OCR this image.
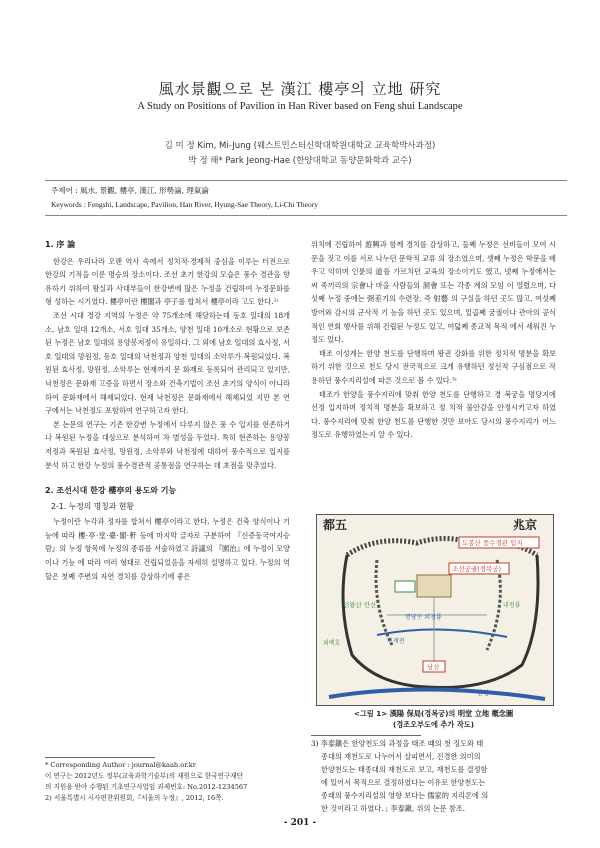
風水景觀으로 본 漢江 樓亭의 立地 硏究
A Study on Positions of Pavilion in Han River based on Feng shui Landscape
김 미 정 Kim, Mi-Jung (웨스트민스터신학대학원대학교 교육학박사과정)
박 정 해* Park Jeong-Hae (한양대학교 동양문화학과 교수)
주제어 : 風水, 景觀, 樓亭, 漢江, 形勢論, 理氣論
Keywords : Fengshi, Landscape, Pavilion, Han River, Hyung-Sae Theory, Li-Chi Theory
1. 序 論

한강은 우리나라 오랜 역사 속에서 정치적·경제적 중심을 이루는 터전으로 한강의 기적을 이룬 명승의 장소이다. 조선 초기 한강의 모습은 풍수 경관을 향유하기 위하여 왕실과 사대부들이 한강변에 많은 누정을 건립하여 누정문화를 형 성하는 시기였다. 樓亭이란 樓閣과 亭子를 합쳐서 樓亭이라 고도 한다.²⁾

조선 시대 경강 지역의 누정은 약 75개소에 해당하는데 동호 일대의 18개소, 남호 일대 12개소, 서호 일대 35개소, 양천 일대 10개소로 현황으로 보존된 누정은 남호 일대의 용양봉저정이 유일하다. 그 외에 남호 일대의 효사정, 서호 일대의 망원정, 동호 일대의 낙천정과 양천 일대의 소악루가 복원되었다. 복원된 효사정, 망원정, 소악루는 현재까지 문 화재로 등록되어 관리되고 있지만, 낙천정은 문화재 고증을 하면서 장소와 건축기법이 조선 초기의 양식이 아니라 하여 문화재에서 해제되었다. 현재 낙천정은 문화재에서 해제되었 지만 본 연구에서는 낙천정도 포함하여 연구하고자 한다.

본 논문의 연구는 기존 한강변 누정에서 다루지 않은 풍 수 입지를 현존하거나 복원된 누정을 대상으로 분석하여 차 별성을 두었다. 특히 현존하는 용양봉저정과 복원된 효사정, 망원정, 소악루와 낙천정에 대하여 풍수적으로 입지를 분석 하고 한강 누정의 풍수경관적 공통점을 연구하는 데 초점을 맞추었다.

2. 조선시대 한강 樓亭의 용도와 기능
2-1. 누정의 명칭과 현황

누정이란 누각과 정자를 합쳐서 樓亭이라고 한다. 누정은 건축 양식이나 기능에 따라 樓·亭·堂·臺·閣·軒 등에 마지막 글자로 구분하여 『신증동국여지승람』의 누정 항목에 누정의 종류를 서술하였고 詩議의 『園治』에 누정이 모양이나 기능 에 따라 여러 형태로 건립되었음을 자세히 설명하고 있다. 누정의 역할은 첫째 주변의 자연 경치를 감상하기에 좋은

* Corresponding Author : journal@kaah.or.kr
이 연구는 2012년도 정부(교육과학기술부)의 재원으로 한국연구재단
의 지원을 받아 수행된 기초연구사업임 과제번호: No.2012-1234567
2) 서울특별시 시사편찬위원회,『서울의 누정』, 2012, 16쪽.

위치에 건립하여 遊興과 함께 경치를 감상하고, 둘째 누정은 선비들이 모여 시문을 짓고 이를 서로 나누던 문학적 교류 의 장소였으며, 셋째 누정은 학문을 배우고 익히며 인륜의 道를 가르치던 교육의 장소이기도 했고, 넷째 누정에서는 씨 족끼리의 宗會나 마을 사람들의 洞會 또는 각종 계의 모임 이 열렸으며, 다섯째 누정 중에는 弼差기의 수련장, 즉 射藝 의 구실을 하던 곳도 많고, 여섯째 방어와 감시의 군사적 기 능을 하던 곳도 있으며, 일곱째 궁궐이나 관아의 공식적인 연회 행사를 위해 건립된 누정도 있고, 여덟째 종교적 목적 에서 세워진 누정도 있다.

태조 이성계는 한양 천도를 단행하며 왕권 강화를 위한 정치적 명분을 확보하기 위한 것으로 천도 당시 전국적으로 크게 유행하던 정신적 구심점으로 작용하던 풍수지리설에 따른 것으로 볼 수 있다.³⁾

태조가 한양을 풍수지리에 맞춰 한양 천도를 단행하고 경 복궁을 명당지에 선정 입지하며 정치적 명분을 확보하고 정 치적 불안감을 안정시키고자 하였다. 풍수지리에 맞춰 한양 천도를 단행한 것만 보아도 당시의 풍수지리가 어느 정도로 유행하였는지 알 수 있다.

都五	兆京
도봉산 풍수경관 입지
조선궁궐(경복궁)
인왕산 안산
남산
한강
명당수 외청룡
청계천
내청룡
외백호
<그림 1> 漢陽 保局(경복궁)의 明堂 立地 概念圖
(경조오부도에 추가 작도)
3) 李泰鎭은 한양천도의 과정을 태조 때의 첫 징도와 태
종대의 재천도로 나누어서 살피면서, 진경한 의미의
한양천도는 태종대의 재천도로 보고, 재천도를 결정함
에 있어서 목적으로 결정하였다는 이유로 한양천도는
종래의 풍수지리설의 영향 보다는 儒家的 지리론에 의
한 것이라고 하였다. ; 李泰鎭, 위의 논문 참조.
- 201 -
